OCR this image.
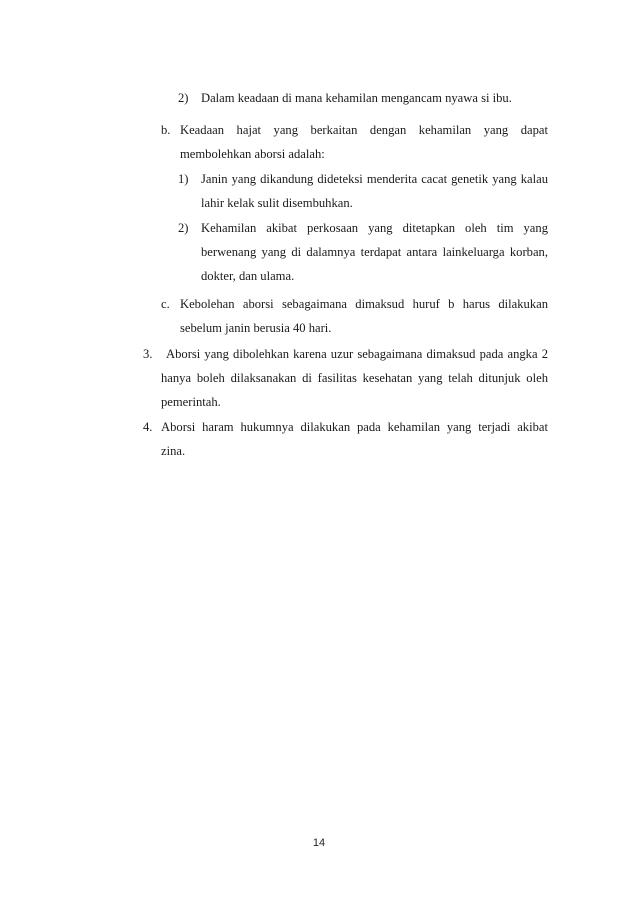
2) Dalam keadaan di mana kehamilan mengancam nyawa si ibu.
b. Keadaan hajat yang berkaitan dengan kehamilan yang dapat
membolehkan aborsi adalah:
1) Janin yang dikandung dideteksi menderita cacat genetik yang kalau
lahir kelak sulit disembuhkan.
2) Kehamilan akibat perkosaan yang ditetapkan oleh tim yang
berwenang yang di dalamnya terdapat antara lainkeluarga korban,
dokter, dan ulama.
c. Kebolehan aborsi sebagaimana dimaksud huruf b harus dilakukan
sebelum janin berusia 40 hari.
3. Aborsi yang dibolehkan karena uzur sebagaimana dimaksud pada angka 2
hanya boleh dilaksanakan di fasilitas kesehatan yang telah ditunjuk oleh
pemerintah.
4. Aborsi haram hukumnya dilakukan pada kehamilan yang terjadi akibat
zina.
14
